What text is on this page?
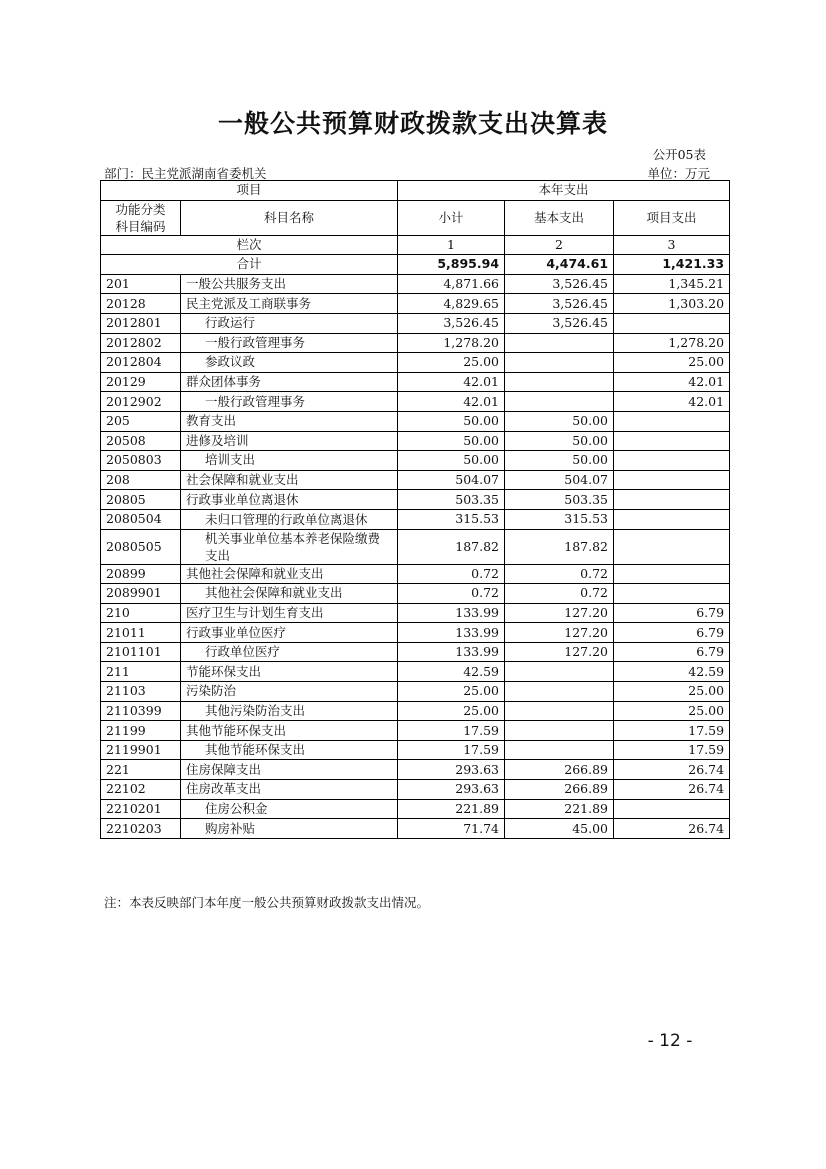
一般公共预算财政拨款支出决算表
公开05表
部门：民主党派湖南省委机关	单位：万元
项目		本年支出		
功能分类
科目编码	科目名称	小计	基本支出	项目支出
栏次		1	2	3
合计		5,895.94	4,474.61	1,421.33
201	一般公共服务支出	4,871.66	3,526.45	1,345.21
20128	民主党派及工商联事务	4,829.65	3,526.45	1,303.20
2012801	行政运行	3,526.45	3,526.45	
2012802	一般行政管理事务	1,278.20		1,278.20
2012804	参政议政	25.00		25.00
20129	群众团体事务	42.01		42.01
2012902	一般行政管理事务	42.01		42.01
205	教育支出	50.00	50.00	
20508	进修及培训	50.00	50.00	
2050803	培训支出	50.00	50.00	
208	社会保障和就业支出	504.07	504.07	
20805	行政事业单位离退休	503.35	503.35	
2080504	未归口管理的行政单位离退休	315.53	315.53	
2080505	机关事业单位基本养老保险缴费支出	187.82	187.82	
20899	其他社会保障和就业支出	0.72	0.72	
2089901	其他社会保障和就业支出	0.72	0.72	
210	医疗卫生与计划生育支出	133.99	127.20	6.79
21011	行政事业单位医疗	133.99	127.20	6.79
2101101	行政单位医疗	133.99	127.20	6.79
211	节能环保支出	42.59		42.59
21103	污染防治	25.00		25.00
2110399	其他污染防治支出	25.00		25.00
21199	其他节能环保支出	17.59		17.59
2119901	其他节能环保支出	17.59		17.59
221	住房保障支出	293.63	266.89	26.74
22102	住房改革支出	293.63	266.89	26.74
2210201	住房公积金	221.89	221.89	
2210203	购房补贴	71.74	45.00	26.74
注：本表反映部门本年度一般公共预算财政拨款支出情况。
- 12 -
